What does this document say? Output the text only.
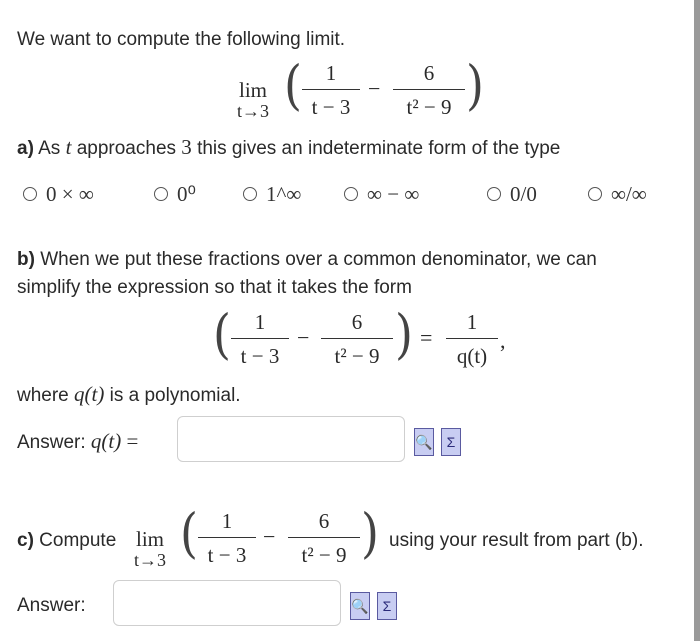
We want to compute the following limit.
lim
t→3 (	1
t − 3
−
6
t² − 9 )
a) As t approaches 3 this gives an indeterminate form of the type
0 × ∞	0⁰	1^∞	∞ − ∞	0/0	∞/∞
b) When we put these fractions over a common denominator, we can
simplify the expression so that it takes the form
(	1
t − 3
−
6
t² − 9 ) =
1
q(t)
,
where q(t) is a polynomial.
Answer: q(t) =	🔍 Σ
c) Compute lim
t→3 (	1
t − 3
−
6
t² − 9 ) using your result from part (b).
Answer:	🔍 Σ
